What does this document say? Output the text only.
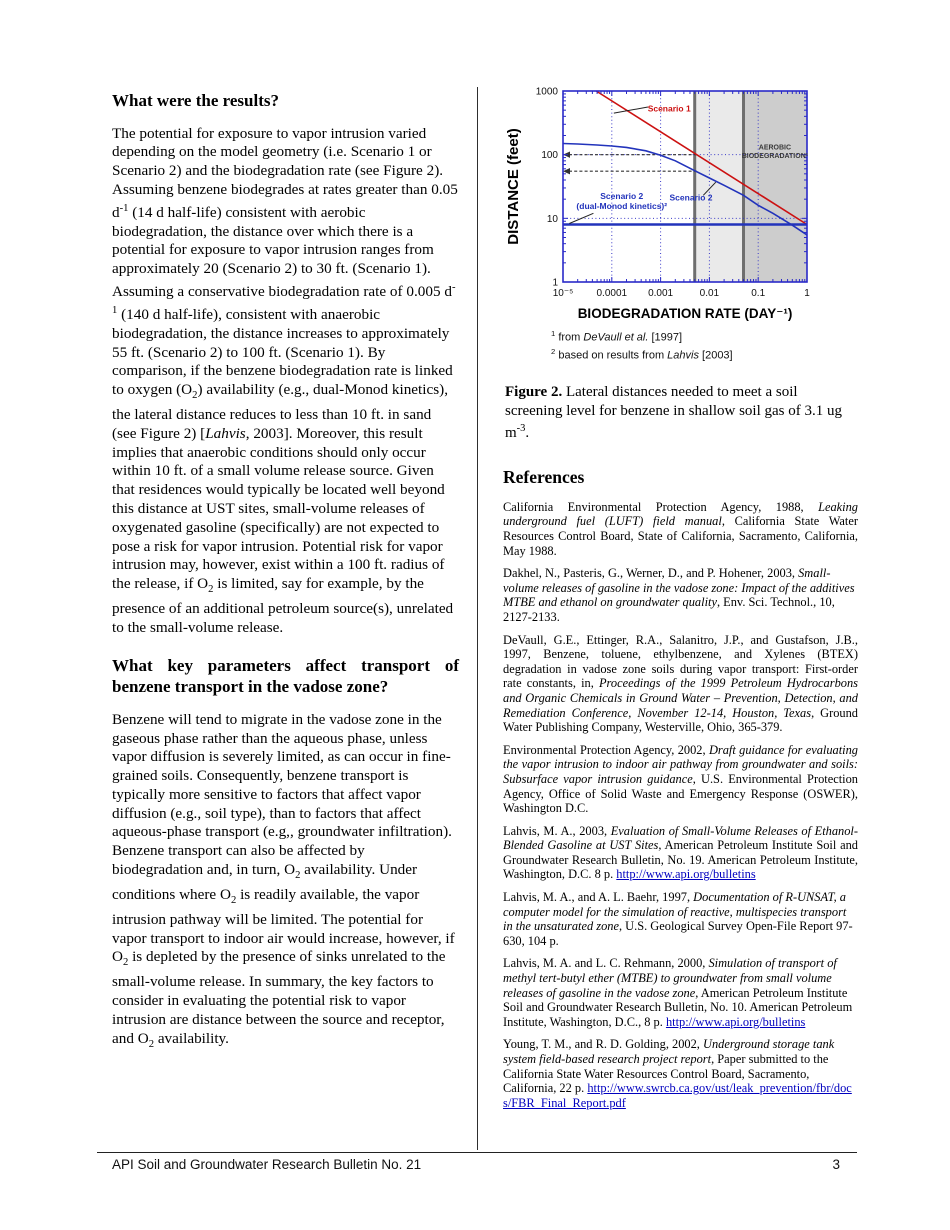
What were the results?

The potential for exposure to vapor intrusion varied depending on the model geometry (i.e. Scenario 1 or Scenario 2) and the biodegradation rate (see Figure 2). Assuming benzene biodegrades at rates greater than 0.05 $d^{-1}$ (14 d half-life) consistent with aerobic biodegradation, the distance over which there is a potential for exposure to vapor intrusion ranges from approximately 20 (Scenario 2) to 30 ft. (Scenario 1). Assuming a conservative biodegradation rate of 0.005 $d^{-1}$ (140 d half-life), consistent with anaerobic biodegradation, the distance increases to approximately 55 ft. (Scenario 2) to 100 ft. (Scenario 1). By comparison, if the benzene biodegradation rate is linked to oxygen $(O_2)$ availability (e.g., dual-Monod kinetics), the lateral distance reduces to less than 10 ft. in sand (see Figure 2) [Lahvis, 2003]. Moreover, this result implies that anaerobic conditions should only occur within 10 ft. of a small volume release source. Given that residences would typically be located well beyond this distance at UST sites, small-volume releases of oxygenated gasoline (specifically) are not expected to pose a risk for vapor intrusion. Potential risk for vapor intrusion may, however, exist within a 100 ft. radius of the release, if $O_2$ is limited, say for example, by the presence of an additional petroleum source(s), unrelated to the small-volume release.

What key parameters affect transport of benzene transport in the vadose zone?

Benzene will tend to migrate in the vadose zone in the gaseous phase rather than the aqueous phase, unless vapor diffusion is severely limited, as can occur in fine-grained soils. Consequently, benzene transport is typically more sensitive to factors that affect vapor diffusion (e.g., soil type), than to factors that affect aqueous-phase transport (e.g,, groundwater infiltration). Benzene transport can also be affected by biodegradation and, in turn, $O_2$ availability. Under conditions where $O_2$ is readily available, the vapor intrusion pathway will be limited. The potential for vapor transport to indoor air would increase, however, if $O_2$ is depleted by the presence of sinks unrelated to the small-volume release. In summary, the key factors to consider in evaluating the potential risk to vapor intrusion are distance between the source and receptor, and $O_2$ availability.

10⁻⁵ 0.0001 0.001	0.01	0.1	1
1
10
100
1000
Scenario 1
Scenario 2
Scenario 2 (dual-Monod kinetics)²
AEROBIC BIODEGRADATION¹
BIODEGRADATION RATE (DAY⁻¹)
DISTANCE (feet)
$^1$ from DeVaull et al. [1997]
$^2$ based on results from Lahvis [2003]

Figure 2. Lateral distances needed to meet a soil screening level for benzene in shallow soil gas of 3.1 ug $m^{-3}$.

References
California Environmental Protection Agency, 1988, Leaking underground fuel (LUFT) field manual, California State Water Resources Control Board, State of California, Sacramento, California, May 1988.
Dakhel, N., Pasteris, G., Werner, D., and P. Hohener, 2003, Small-volume releases of gasoline in the vadose zone: Impact of the additives MTBE and ethanol on groundwater quality, Env. Sci. Technol., 10, 2127-2133.
DeVaull, G.E., Ettinger, R.A., Salanitro, J.P., and Gustafson, J.B., 1997, Benzene, toluene, ethylbenzene, and Xylenes (BTEX) degradation in vadose zone soils during vapor transport: First-order rate constants, in, Proceedings of the 1999 Petroleum Hydrocarbons and Organic Chemicals in Ground Water – Prevention, Detection, and Remediation Conference, November 12-14, Houston, Texas, Ground Water Publishing Company, Westerville, Ohio, 365-379.
Environmental Protection Agency, 2002, Draft guidance for evaluating the vapor intrusion to indoor air pathway from groundwater and soils: Subsurface vapor intrusion guidance, U.S. Environmental Protection Agency, Office of Solid Waste and Emergency Response (OSWER), Washington D.C.
Lahvis, M. A., 2003, Evaluation of Small-Volume Releases of Ethanol-Blended Gasoline at UST Sites, American Petroleum Institute Soil and Groundwater Research Bulletin, No. 19. American Petroleum Institute, Washington, D.C. 8 p. http://www.api.org/bulletins
Lahvis, M. A., and A. L. Baehr, 1997, Documentation of R-UNSAT, a computer model for the simulation of reactive, multispecies transport in the unsaturated zone, U.S. Geological Survey Open-File Report 97-630, 104 p.
Lahvis, M. A. and L. C. Rehmann, 2000, Simulation of transport of methyl tert-butyl ether (MTBE) to groundwater from small volume releases of gasoline in the vadose zone, American Petroleum Institute Soil and Groundwater Research Bulletin, No. 10. American Petroleum Institute, Washington, D.C., 8 p. http://www.api.org/bulletins
Young, T. M., and R. D. Golding, 2002, Underground storage tank system field-based research project report, Paper submitted to the California State Water Resources Control Board, Sacramento, California, 22 p. http://www.swrcb.ca.gov/ust/leak_prevention/fbr/docs/FBR_Final_Report.pdf
API Soil and Groundwater Research Bulletin No. 21	3
